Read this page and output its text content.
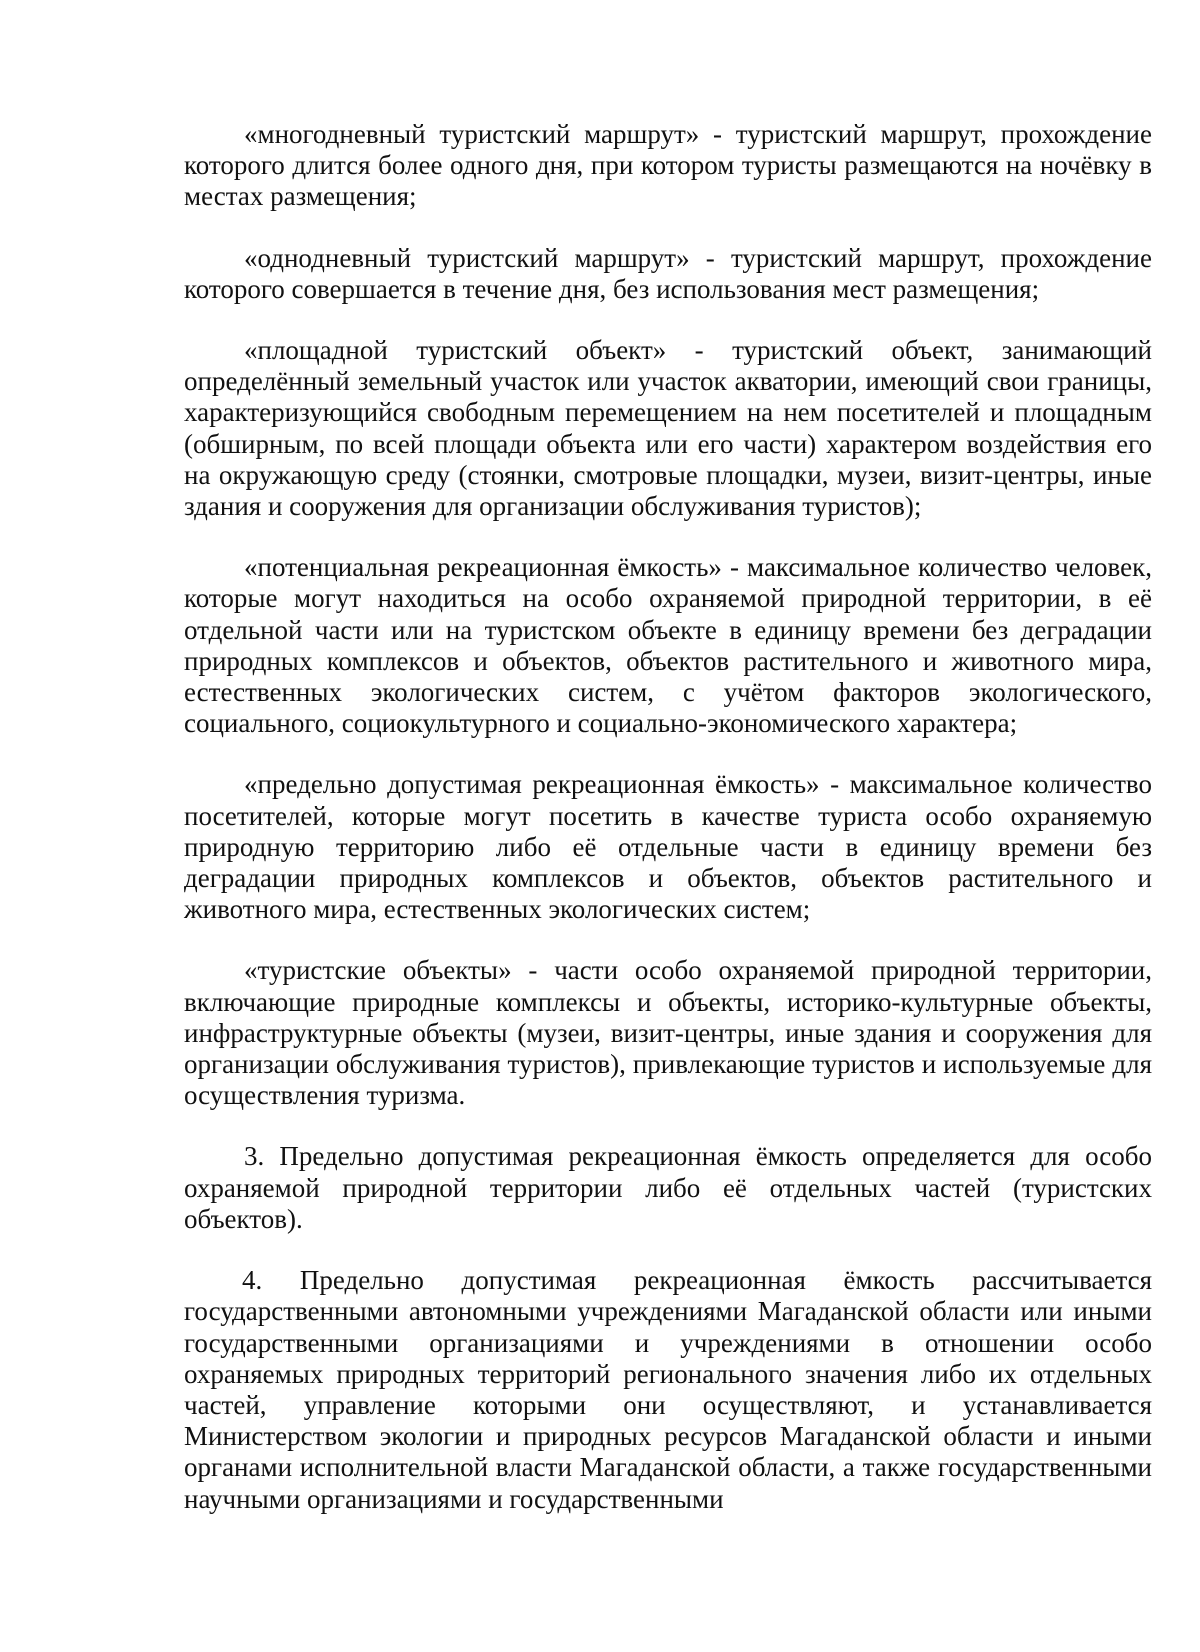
«многодневный туристский маршрут» - туристский маршрут, прохождение которого длится более одного дня, при котором туристы размещаются на ночёвку в местах размещения;

«однодневный туристский маршрут» - туристский маршрут, прохождение которого совершается в течение дня, без использования мест размещения;

«площадной туристский объект» - туристский объект, занимающий определённый земельный участок или участок акватории, имеющий свои границы, характеризующийся свободным перемещением на нем посетителей и площадным (обширным, по всей площади объекта или его части) характером воздействия его на окружающую среду (стоянки, смотровые площадки, музеи, визит-центры, иные здания и сооружения для организации обслуживания туристов);

«потенциальная рекреационная ёмкость» - максимальное количество человек, которые могут находиться на особо охраняемой природной территории, в её отдельной части или на туристском объекте в единицу времени без деградации природных комплексов и объектов, объектов растительного и животного мира, естественных экологических систем, с учётом факторов экологического, социального, социокультурного и социально-экономического характера;

«предельно допустимая рекреационная ёмкость» - максимальное количество посетителей, которые могут посетить в качестве туриста особо охраняемую природную территорию либо её отдельные части в единицу времени без деградации природных комплексов и объектов, объектов растительного и животного мира, естественных экологических систем;

«туристские объекты» - части особо охраняемой природной территории, включающие природные комплексы и объекты, историко-культурные объекты, инфраструктурные объекты (музеи, визит-центры, иные здания и сооружения для организации обслуживания туристов), привлекающие туристов и используемые для осуществления туризма.

3. Предельно допустимая рекреационная ёмкость определяется для особо охраняемой природной территории либо её отдельных частей (туристских объектов).

4. Предельно допустимая рекреационная ёмкость рассчитывается государственными автономными учреждениями Магаданской области или иными государственными организациями и учреждениями в отношении особо охраняемых природных территорий регионального значения либо их отдельных частей, управление которыми они осуществляют, и устанавливается Министерством экологии и природных ресурсов Магаданской области и иными органами исполнительной власти Магаданской области, а также государственными научными организациями и государственными
